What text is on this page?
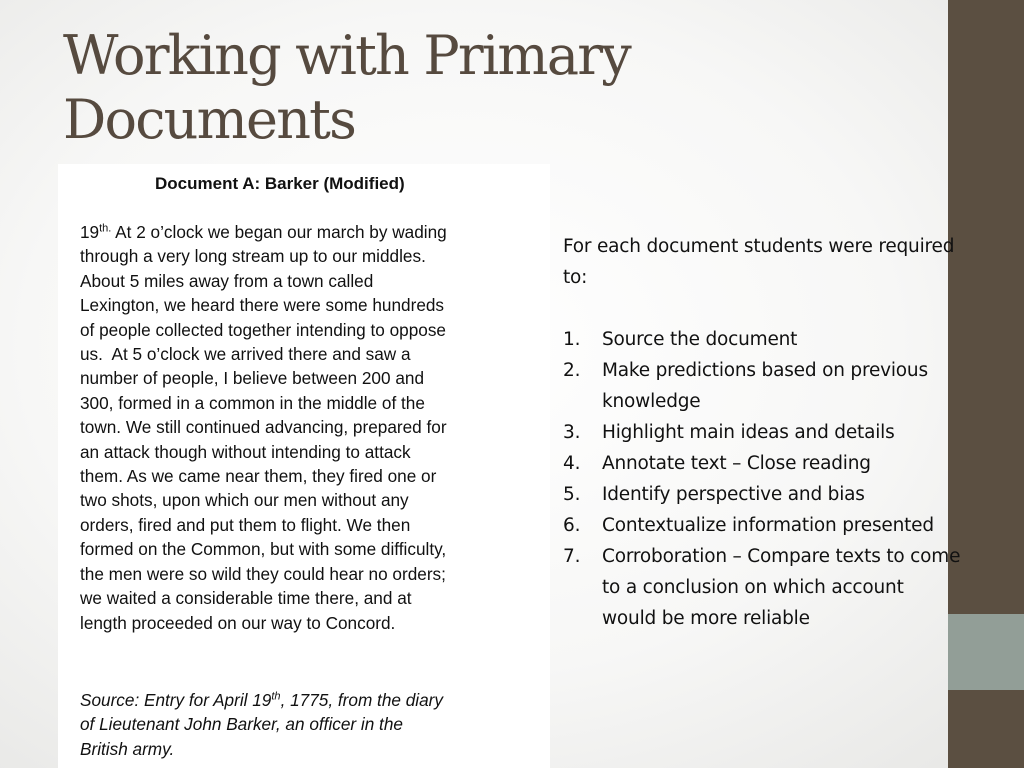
Working with Primary
Documents
Document A: Barker (Modified)
$19^{th.}$ At 2 o’clock we began our march by wading
through a very long stream up to our middles.
About 5 miles away from a town called
Lexington, we heard there were some hundreds
of people collected together intending to oppose
us.  At 5 o’clock we arrived there and saw a
number of people, I believe between 200 and
300, formed in a common in the middle of the
town. We still continued advancing, prepared for
an attack though without intending to attack
them. As we came near them, they fired one or
two shots, upon which our men without any
orders, fired and put them to flight. We then
formed on the Common, but with some difficulty,
the men were so wild they could hear no orders;
we waited a considerable time there, and at
length proceeded on our way to Concord.
Source: Entry for April 19th, 1775, from the diary
of Lieutenant John Barker, an officer in the
British army.

For each document students were required to:

1. Source the document
2. Make predictions based on previous knowledge
3. Highlight main ideas and details
4. Annotate text – Close reading
5. Identify perspective and bias
6. Contextualize information presented
7. Corroboration – Compare texts to come to a conclusion on which account would be more reliable
